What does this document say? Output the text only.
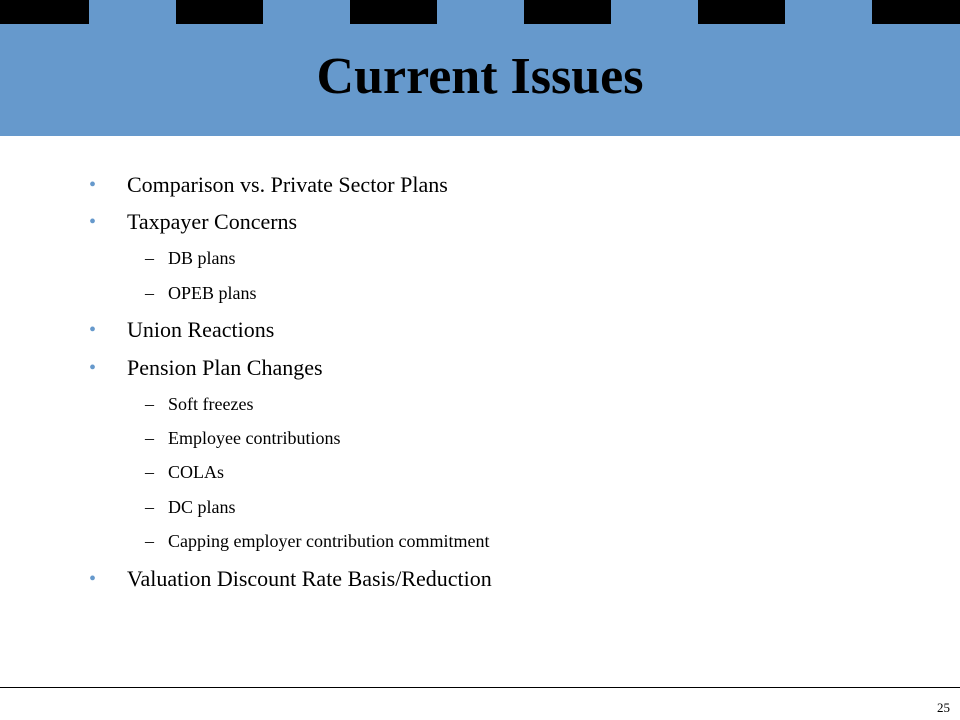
Current Issues
• Comparison vs. Private Sector Plans
• Taxpayer Concerns
– DB plans
– OPEB plans
• Union Reactions
• Pension Plan Changes
– Soft freezes
– Employee contributions
– COLAs
– DC plans
– Capping employer contribution commitment
• Valuation Discount Rate Basis/Reduction
25
